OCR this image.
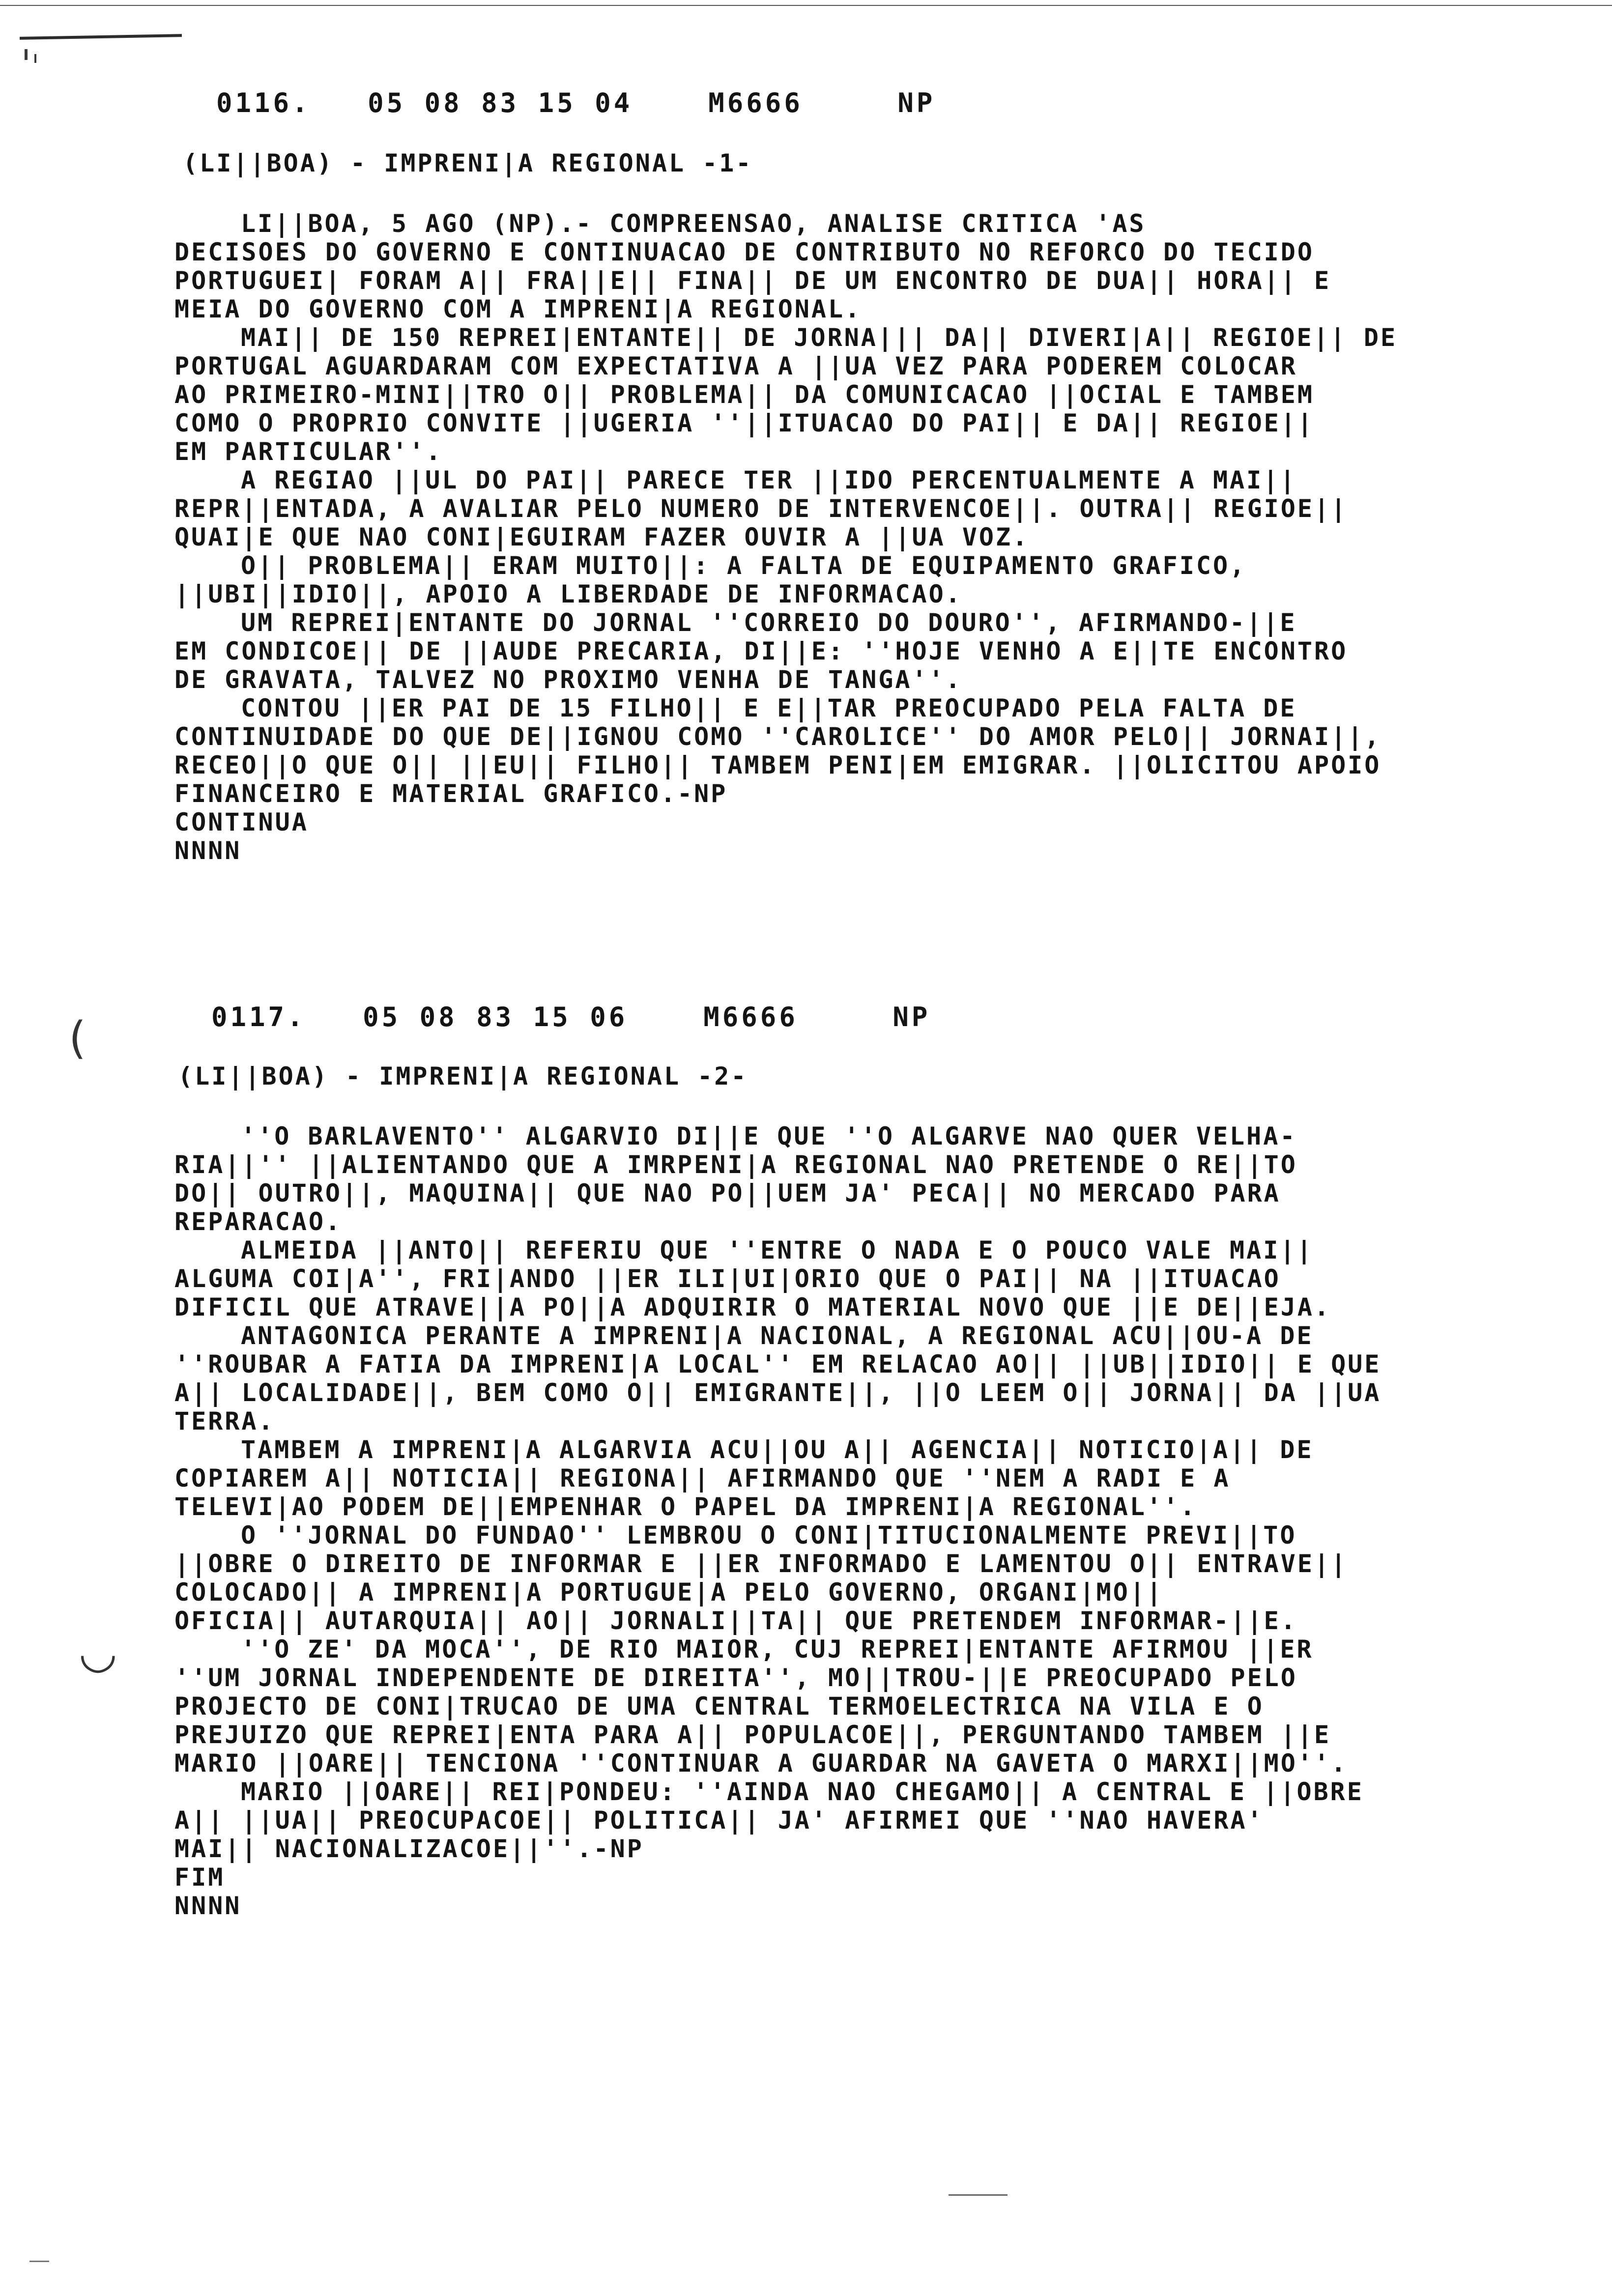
0116.   05 08 83 15 04    M6666     NP
(LI||BOA) - IMPRENI|A REGIONAL -1-
LI||BOA, 5 AGO (NP).- COMPREENSAO, ANALISE CRITICA 'AS
DECISOES DO GOVERNO E CONTINUACAO DE CONTRIBUTO NO REFORCO DO TECIDO
PORTUGUEI| FORAM A|| FRA||E|| FINA|| DE UM ENCONTRO DE DUA|| HORA|| E
MEIA DO GOVERNO COM A IMPRENI|A REGIONAL.
MAI|| DE 150 REPREI|ENTANTE|| DE JORNA||| DA|| DIVERI|A|| REGIOE|| DE
PORTUGAL AGUARDARAM COM EXPECTATIVA A ||UA VEZ PARA PODEREM COLOCAR
AO PRIMEIRO-MINI||TRO O|| PROBLEMA|| DA COMUNICACAO ||OCIAL E TAMBEM
COMO O PROPRIO CONVITE ||UGERIA ''||ITUACAO DO PAI|| E DA|| REGIOE||
EM PARTICULAR''.
A REGIAO ||UL DO PAI|| PARECE TER ||IDO PERCENTUALMENTE A MAI||
REPR||ENTADA, A AVALIAR PELO NUMERO DE INTERVENCOE||. OUTRA|| REGIOE||
QUAI|E QUE NAO CONI|EGUIRAM FAZER OUVIR A ||UA VOZ.
O|| PROBLEMA|| ERAM MUITO||: A FALTA DE EQUIPAMENTO GRAFICO,
||UBI||IDIO||, APOIO A LIBERDADE DE INFORMACAO.
UM REPREI|ENTANTE DO JORNAL ''CORREIO DO DOURO'', AFIRMANDO-||E
EM CONDICOE|| DE ||AUDE PRECARIA, DI||E: ''HOJE VENHO A E||TE ENCONTRO
DE GRAVATA, TALVEZ NO PROXIMO VENHA DE TANGA''.
CONTOU ||ER PAI DE 15 FILHO|| E E||TAR PREOCUPADO PELA FALTA DE
CONTINUIDADE DO QUE DE||IGNOU COMO ''CAROLICE'' DO AMOR PELO|| JORNAI||,
RECEO||O QUE O|| ||EU|| FILHO|| TAMBEM PENI|EM EMIGRAR. ||OLICITOU APOIO
FINANCEIRO E MATERIAL GRAFICO.-NP
CONTINUA
NNNN
0117.   05 08 83 15 06    M6666     NP
(LI||BOA) - IMPRENI|A REGIONAL -2-
''O BARLAVENTO'' ALGARVIO DI||E QUE ''O ALGARVE NAO QUER VELHA-
RIA||'' ||ALIENTANDO QUE A IMRPENI|A REGIONAL NAO PRETENDE O RE||TO
DO|| OUTRO||, MAQUINA|| QUE NAO PO||UEM JA' PECA|| NO MERCADO PARA
REPARACAO.
ALMEIDA ||ANTO|| REFERIU QUE ''ENTRE O NADA E O POUCO VALE MAI||
ALGUMA COI|A'', FRI|ANDO ||ER ILI|UI|ORIO QUE O PAI|| NA ||ITUACAO
DIFICIL QUE ATRAVE||A PO||A ADQUIRIR O MATERIAL NOVO QUE ||E DE||EJA.
ANTAGONICA PERANTE A IMPRENI|A NACIONAL, A REGIONAL ACU||OU-A DE
''ROUBAR A FATIA DA IMPRENI|A LOCAL'' EM RELACAO AO|| ||UB||IDIO|| E QUE
A|| LOCALIDADE||, BEM COMO O|| EMIGRANTE||, ||O LEEM O|| JORNA|| DA ||UA
TERRA.
TAMBEM A IMPRENI|A ALGARVIA ACU||OU A|| AGENCIA|| NOTICIO|A|| DE
COPIAREM A|| NOTICIA|| REGIONA|| AFIRMANDO QUE ''NEM A RADI E A
TELEVI|AO PODEM DE||EMPENHAR O PAPEL DA IMPRENI|A REGIONAL''.
O ''JORNAL DO FUNDAO'' LEMBROU O CONI|TITUCIONALMENTE PREVI||TO
||OBRE O DIREITO DE INFORMAR E ||ER INFORMADO E LAMENTOU O|| ENTRAVE||
COLOCADO|| A IMPRENI|A PORTUGUE|A PELO GOVERNO, ORGANI|MO||
OFICIA|| AUTARQUIA|| AO|| JORNALI||TA|| QUE PRETENDEM INFORMAR-||E.
''O ZE' DA MOCA'', DE RIO MAIOR, CUJ REPREI|ENTANTE AFIRMOU ||ER
''UM JORNAL INDEPENDENTE DE DIREITA'', MO||TROU-||E PREOCUPADO PELO
PROJECTO DE CONI|TRUCAO DE UMA CENTRAL TERMOELECTRICA NA VILA E O
PREJUIZO QUE REPREI|ENTA PARA A|| POPULACOE||, PERGUNTANDO TAMBEM ||E
MARIO ||OARE|| TENCIONA ''CONTINUAR A GUARDAR NA GAVETA O MARXI||MO''.
MARIO ||OARE|| REI|PONDEU: ''AINDA NAO CHEGAMO|| A CENTRAL E ||OBRE
A|| ||UA|| PREOCUPACOE|| POLITICA|| JA' AFIRMEI QUE ''NAO HAVERA'
MAI|| NACIONALIZACOE||''.-NP
FIM
NNNN
(
◡
